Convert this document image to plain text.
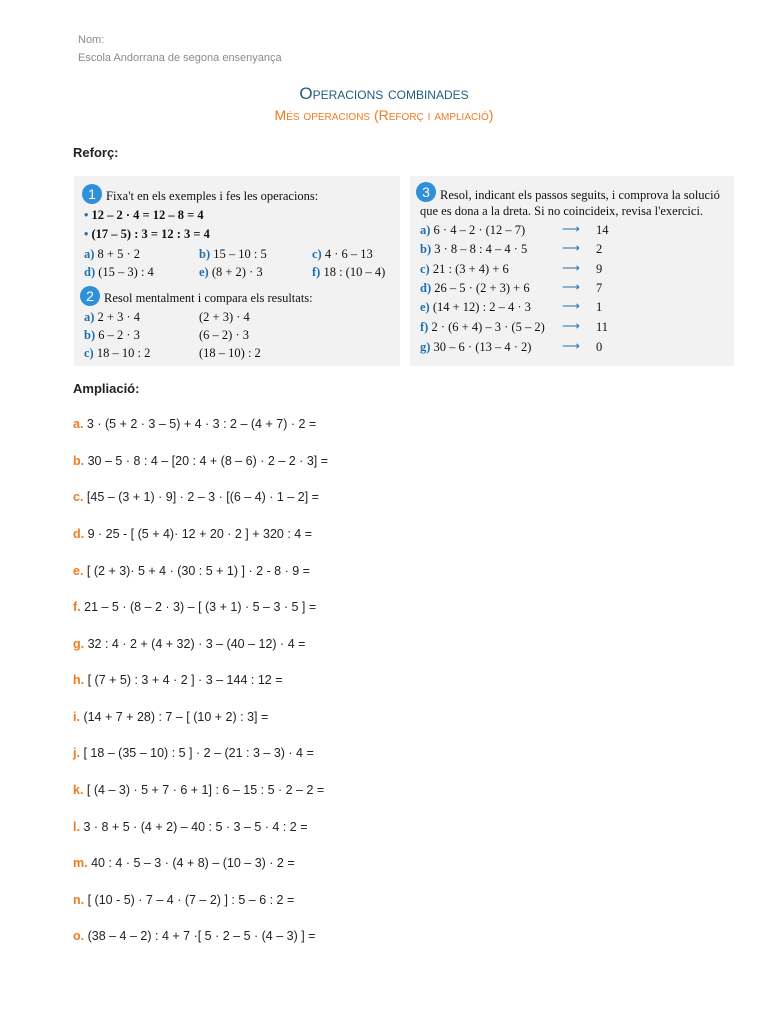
Nom:
Escola Andorrana de segona ensenyança
Operacions combinades
Més operacions (Reforç i ampliació)
Reforç:
1 Fixa't en els exemples i fes les operacions:
• 12 – 2 · 4 = 12 – 8 = 4
• (17 – 5) : 3 = 12 : 3 = 4
a) 8 + 5 · 2	b) 15 – 10 : 5	c) 4 · 6 – 13
d) (15 – 3) : 4	e) (8 + 2) · 3	f) 18 : (10 – 4)
2 Resol mentalment i compara els resultats:
a) 2 + 3 · 4	(2 + 3) · 4
b) 6 – 2 · 3	(6 – 2) · 3
c) 18 – 10 : 2	(18 – 10) : 2
3 Resol, indicant els passos seguits, i comprova la solució
que es dona a la dreta. Si no coincideix, revisa l'exercici.
a) 6 · 4 – 2 · (12 – 7)	⟶ 14
b) 3 · 8 – 8 : 4 – 4 · 5	⟶ 2
c) 21 : (3 + 4) + 6	⟶ 9
d) 26 – 5 · (2 + 3) + 6	⟶ 7
e) (14 + 12) : 2 – 4 · 3 ⟶ 1
f) 2 · (6 + 4) – 3 · (5 – 2) ⟶ 11
g) 30 – 6 · (13 – 4 · 2) ⟶ 0
Ampliació:
a. 3 · (5 + 2 · 3 – 5) + 4 · 3 : 2 – (4 + 7) · 2 =
b. 30 – 5 · 8 : 4 – [20 : 4 + (8 – 6) · 2 – 2 · 3] =
c. [45 – (3 + 1) · 9] · 2 – 3 · [(6 – 4) · 1 – 2] =
d. 9 · 25 - [ (5 + 4)· 12 + 20 · 2 ] + 320 : 4 =
e. [ (2 + 3)· 5 + 4 · (30 : 5 + 1) ] · 2 - 8 · 9 =
f. 21 – 5 · (8 – 2 · 3) – [ (3 + 1) · 5 – 3 · 5 ] =
g. 32 : 4 · 2 + (4 + 32) · 3 – (40 – 12) · 4 =
h. [ (7 + 5) : 3 + 4 · 2 ] · 3 – 144 : 12 =
i. (14 + 7 + 28) : 7 – [ (10 + 2) : 3] =
j. [ 18 – (35 – 10) : 5 ] · 2 – (21 : 3 – 3) · 4 =
k. [ (4 – 3) · 5 + 7 · 6 + 1] : 6 – 15 : 5 · 2 – 2 =
l. 3 · 8 + 5 · (4 + 2) – 40 : 5 · 3 – 5 · 4 : 2 =
m. 40 : 4 · 5 – 3 · (4 + 8) – (10 – 3) · 2 =
n. [ (10 - 5) · 7 – 4 · (7 – 2) ] : 5 – 6 : 2 =
o. (38 – 4 – 2) : 4 + 7 ·[ 5 · 2 – 5 · (4 – 3) ] =
